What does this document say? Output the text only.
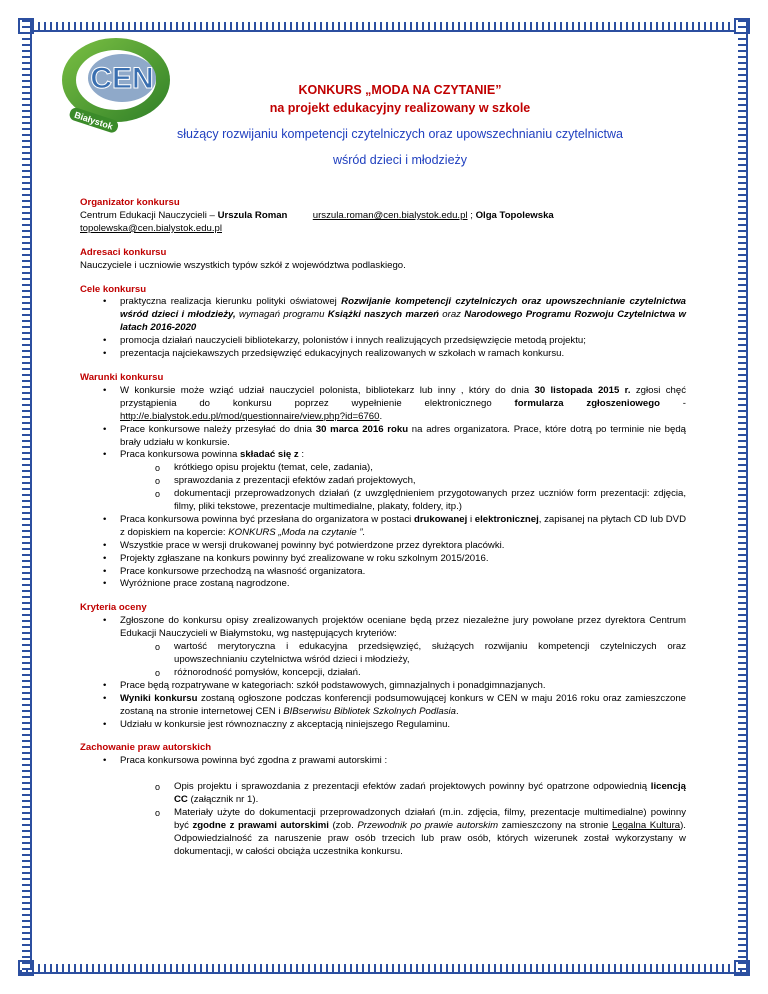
CEN
Białystok
KONKURS „MODA NA CZYTANIE”
na projekt edukacyjny realizowany w szkole
służący rozwijaniu kompetencji czytelniczych oraz upowszechnianiu czytelnictwa
wśród dzieci i młodzieży
Organizator konkursu
Centrum Edukacji Nauczycieli – Urszula Roman	urszula.roman@cen.bialystok.edu.pl ; Olga Topolewska
topolewska@cen.bialystok.edu.pl
Adresaci konkursu
Nauczyciele i uczniowie wszystkich typów szkół z województwa podlaskiego.
Cele konkursu
• praktyczna realizacja kierunku polityki oświatowej Rozwijanie kompetencji czytelniczych oraz upowszechnianie czytelnictwa wśród dzieci i młodzieży, wymagań programu Książki naszych marzeń oraz Narodowego Programu Rozwoju Czytelnictwa w latach 2016-2020
• promocja działań nauczycieli bibliotekarzy, polonistów i innych realizujących przedsięwzięcie metodą projektu;
• prezentacja najciekawszych przedsięwzięć edukacyjnych realizowanych w szkołach w ramach konkursu.
Warunki konkursu
• W konkursie może wziąć udział nauczyciel polonista, bibliotekarz lub inny , który do dnia 30 listopada 2015 r. zgłosi chęć przystąpienia do konkursu poprzez wypełnienie elektronicznego formularza zgłoszeniowego - http://e.bialystok.edu.pl/mod/questionnaire/view.php?id=6760.
• Prace konkursowe należy przesyłać do dnia 30 marca 2016 roku na adres organizatora. Prace, które dotrą po terminie nie będą brały udziału w konkursie.
• Praca konkursowa powinna składać się z :
o krótkiego opisu projektu (temat, cele, zadania),
o sprawozdania z prezentacji efektów zadań projektowych,
o dokumentacji przeprowadzonych działań (z uwzględnieniem przygotowanych przez uczniów form prezentacji: zdjęcia, filmy, pliki tekstowe, prezentacje multimedialne, plakaty, foldery, itp.)
• Praca konkursowa powinna być przesłana do organizatora w postaci drukowanej i elektronicznej, zapisanej na płytach CD lub DVD z dopiskiem na kopercie: KONKURS „Moda na czytanie ”.
• Wszystkie prace w wersji drukowanej powinny być potwierdzone przez dyrektora placówki.
• Projekty zgłaszane na konkurs powinny być zrealizowane w roku szkolnym 2015/2016.
• Prace konkursowe przechodzą na własność organizatora.
• Wyróżnione prace zostaną nagrodzone.
Kryteria oceny
• Zgłoszone do konkursu opisy zrealizowanych projektów oceniane będą przez niezależne jury powołane przez dyrektora Centrum Edukacji Nauczycieli w Białymstoku, wg następujących kryteriów:
o wartość merytoryczna i edukacyjna przedsięwzięć, służących rozwijaniu kompetencji czytelniczych oraz upowszechnianiu czytelnictwa wśród dzieci i młodzieży,
o różnorodność pomysłów, koncepcji, działań.
• Prace będą rozpatrywane w kategoriach: szkół podstawowych, gimnazjalnych i ponadgimnazjanych.
• Wyniki konkursu zostaną ogłoszone podczas konferencji podsumowującej konkurs w CEN w maju 2016 roku oraz zamieszczone zostaną na stronie internetowej CEN i BIBserwisu Bibliotek Szkolnych Podlasia.
• Udziału w konkursie jest równoznaczny z akceptacją niniejszego Regulaminu.
Zachowanie praw autorskich
• Praca konkursowa powinna być zgodna z prawami autorskimi :
o Opis projektu i sprawozdania z prezentacji efektów zadań projektowych powinny być opatrzone odpowiednią licencją CC (załącznik nr 1).
o Materiały użyte do dokumentacji przeprowadzonych działań (m.in. zdjęcia, filmy, prezentacje multimedialne) powinny być zgodne z prawami autorskimi (zob. Przewodnik po prawie autorskim zamieszczony na stronie Legalna Kultura). Odpowiedzialność za naruszenie praw osób trzecich lub praw osób, których wizerunek został wykorzystany w dokumentacji, w całości obciąża uczestnika konkursu.
